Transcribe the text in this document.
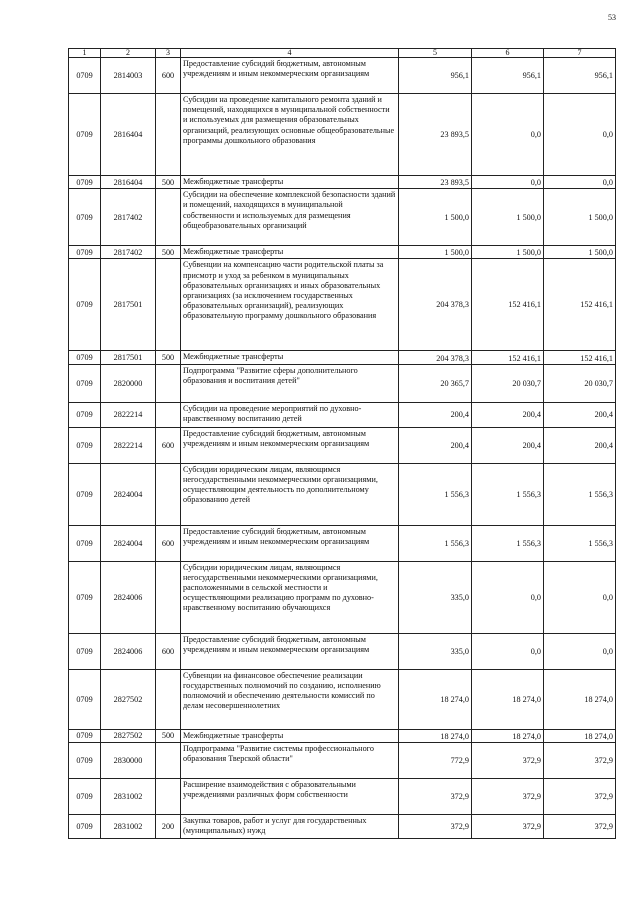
53
1	2	3	4	5	6	7
0709	2814003	600	Предоставление субсидий бюджетным, автономным учреждениям и иным некоммерческим организациям	956,1	956,1	956,1
0709	2816404		Субсидии на проведение капитального ремонта зданий и помещений, находящихся в муниципальной собственности и используемых для размещения образовательных организаций, реализующих основные общеобразовательные программы дошкольного образования	23 893,5	0,0	0,0
0709	2816404	500	Межбюджетные трансферты	23 893,5	0,0	0,0
0709	2817402		Субсидии на обеспечение комплексной безопасности зданий и помещений, находящихся в муниципальной собственности и используемых для размещения общеобразовательных организаций	1 500,0	1 500,0	1 500,0
0709	2817402	500	Межбюджетные трансферты	1 500,0	1 500,0	1 500,0
0709	2817501		Субвенции на компенсацию части родительской платы за присмотр и уход за ребенком в муниципальных образовательных организациях и иных образовательных организациях (за исключением государственных образовательных организаций), реализующих образовательную программу дошкольного образования	204 378,3	152 416,1	152 416,1
0709	2817501	500	Межбюджетные трансферты	204 378,3	152 416,1	152 416,1
0709	2820000		Подпрограмма "Развитие сферы дополнительного образования и воспитания детей"	20 365,7	20 030,7	20 030,7
0709	2822214		Субсидии на проведение мероприятий по духовно-нравственному воспитанию детей	200,4	200,4	200,4
0709	2822214	600	Предоставление субсидий бюджетным, автономным учреждениям и иным некоммерческим организациям	200,4	200,4	200,4
0709	2824004		Субсидии юридическим лицам, являющимся негосударственными некоммерческими организациями, осуществляющим деятельность по дополнительному образованию детей	1 556,3	1 556,3	1 556,3
0709	2824004	600	Предоставление субсидий бюджетным, автономным учреждениям и иным некоммерческим организациям	1 556,3	1 556,3	1 556,3
0709	2824006		Субсидии юридическим лицам, являющимся негосударственными некоммерческими организациями, расположенными в сельской местности и осуществляющими реализацию программ по духовно-нравственному воспитанию обучающихся	335,0	0,0	0,0
0709	2824006	600	Предоставление субсидий бюджетным, автономным учреждениям и иным некоммерческим организациям	335,0	0,0	0,0
0709	2827502		Субвенции на финансовое обеспечение реализации государственных полномочий по созданию, исполнению полномочий и обеспечению деятельности комиссий по делам несовершеннолетних	18 274,0	18 274,0	18 274,0
0709	2827502	500	Межбюджетные трансферты	18 274,0	18 274,0	18 274,0
0709	2830000		Подпрограмма "Развитие системы профессионального образования Тверской области"	772,9	372,9	372,9
0709	2831002		Расширение взаимодействия с образовательными учреждениями различных форм собственности	372,9	372,9	372,9
0709	2831002	200	Закупка товаров, работ и услуг для государственных (муниципальных) нужд	372,9	372,9	372,9
